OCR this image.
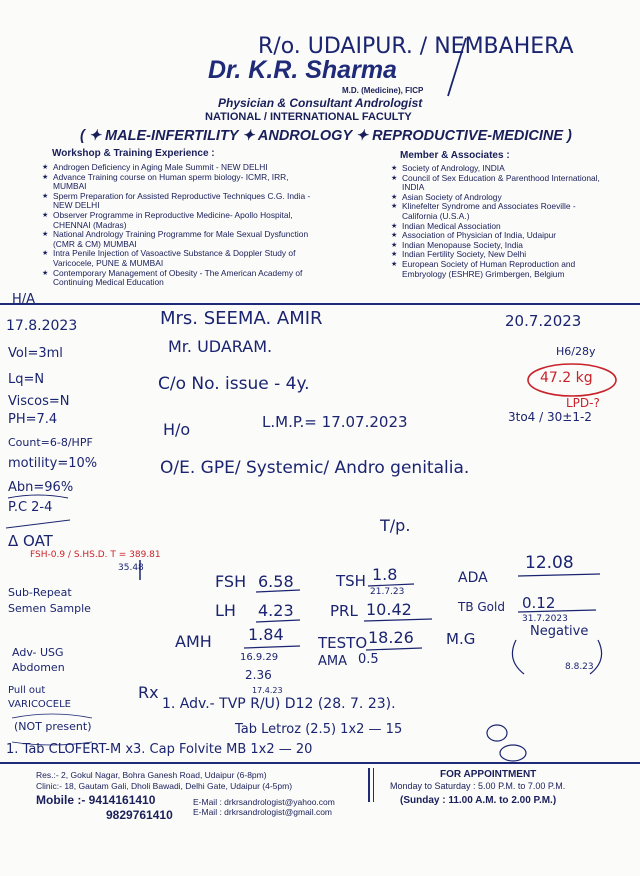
R/o. UDAIPUR. / NEMBAHERA
Dr. K.R. Sharma
M.D. (Medicine), FICP
Physician & Consultant Andrologist
NATIONAL / INTERNATIONAL FACULTY
( ✦ MALE-INFERTILITY ✦ ANDROLOGY ✦ REPRODUCTIVE-MEDICINE )
Workshop & Training Experience :
★ Androgen Deficiency in Aging Male Summit - NEW DELHI
★ Advance Training course on Human sperm biology- ICMR, IRR, MUMBAI
★ Sperm Preparation for Assisted Reproductive Techniques C.G. India - NEW DELHI
★ Observer Programme in Reproductive Medicine- Apollo Hospital, CHENNAI (Madras)
★ National Andrology Training Programme for Male Sexual Dysfunction (CMR & CM) MUMBAI
★ Intra Penile Injection of Vasoactive Substance & Doppler Study of Varicocele, PUNE & MUMBAI
★ Contemporary Management of Obesity - The American Academy of Continuing Medical Education
Member & Associates :
★ Society of Andrology, INDIA
★ Council of Sex Education & Parenthood International, INDIA
★ Asian Society of Andrology
★ Klinefelter Syndrome and Associates Roeville - California (U.S.A.)
★ Indian Medical Association
★ Association of Physician of India, Udaipur
★ Indian Menopause Society, India
★ Indian Fertility Society, New Delhi
★ European Society of Human Reproduction and Embryology (ESHRE) Grimbergen, Belgium
Mrs. SEEMA. AMIR	20.7.2023
Mr. UDARAM.	H6/28y
C/o No. issue - 4y.	47.2 kg
LPD-?
H/o	L.M.P.= 17.07.2023	3to4 / 30±1-2
O/E. GPE/ Systemic/ Andro genitalia.
T/p.
H/A
17.8.2023
Vol=3ml
Lq=N
Viscos=N
PH=7.4
Count=6-8/HPF
motility=10%
Abn=96%
P.C 2-4
Δ OAT
FSH-0.9 / S.HS.D. T = 389.81
35.48
Sub-Repeat Semen Sample
Adv- USG Abdomen
Pull out VARICOCELE
(NOT present)
FSH 6.58
LH 4.23
AMH 1.84
16.9.29
2.36
17.4.23
TSH 1.8
21.7.23
PRL 10.42
TESTO 18.26
AMA 0.5
ADA
12.08
TB Gold 0.12
31.7.2023
M.G	Negative
8.8.23
Rx
1. Adv.- TVP R/U) D12 (28. 7. 23).
Tab Letroz (2.5) 1x2 — 15
1. Tab CLOFERT-M x3. Cap Folvite MB 1x2 — 20
Res.:- 2, Gokul Nagar, Bohra Ganesh Road, Udaipur (6-8pm)
Clinic:- 18, Gautam Gali, Dholi Bawadi, Delhi Gate, Udaipur (4-5pm)
Mobile :- 9414161410
9829761410
E-Mail : drkrsandrologist@yahoo.com
E-Mail : drkrsandrologist@gmail.com
FOR APPOINTMENT
Monday to Saturday : 5.00 P.M. to 7.00 P.M.
(Sunday : 11.00 A.M. to 2.00 P.M.)
